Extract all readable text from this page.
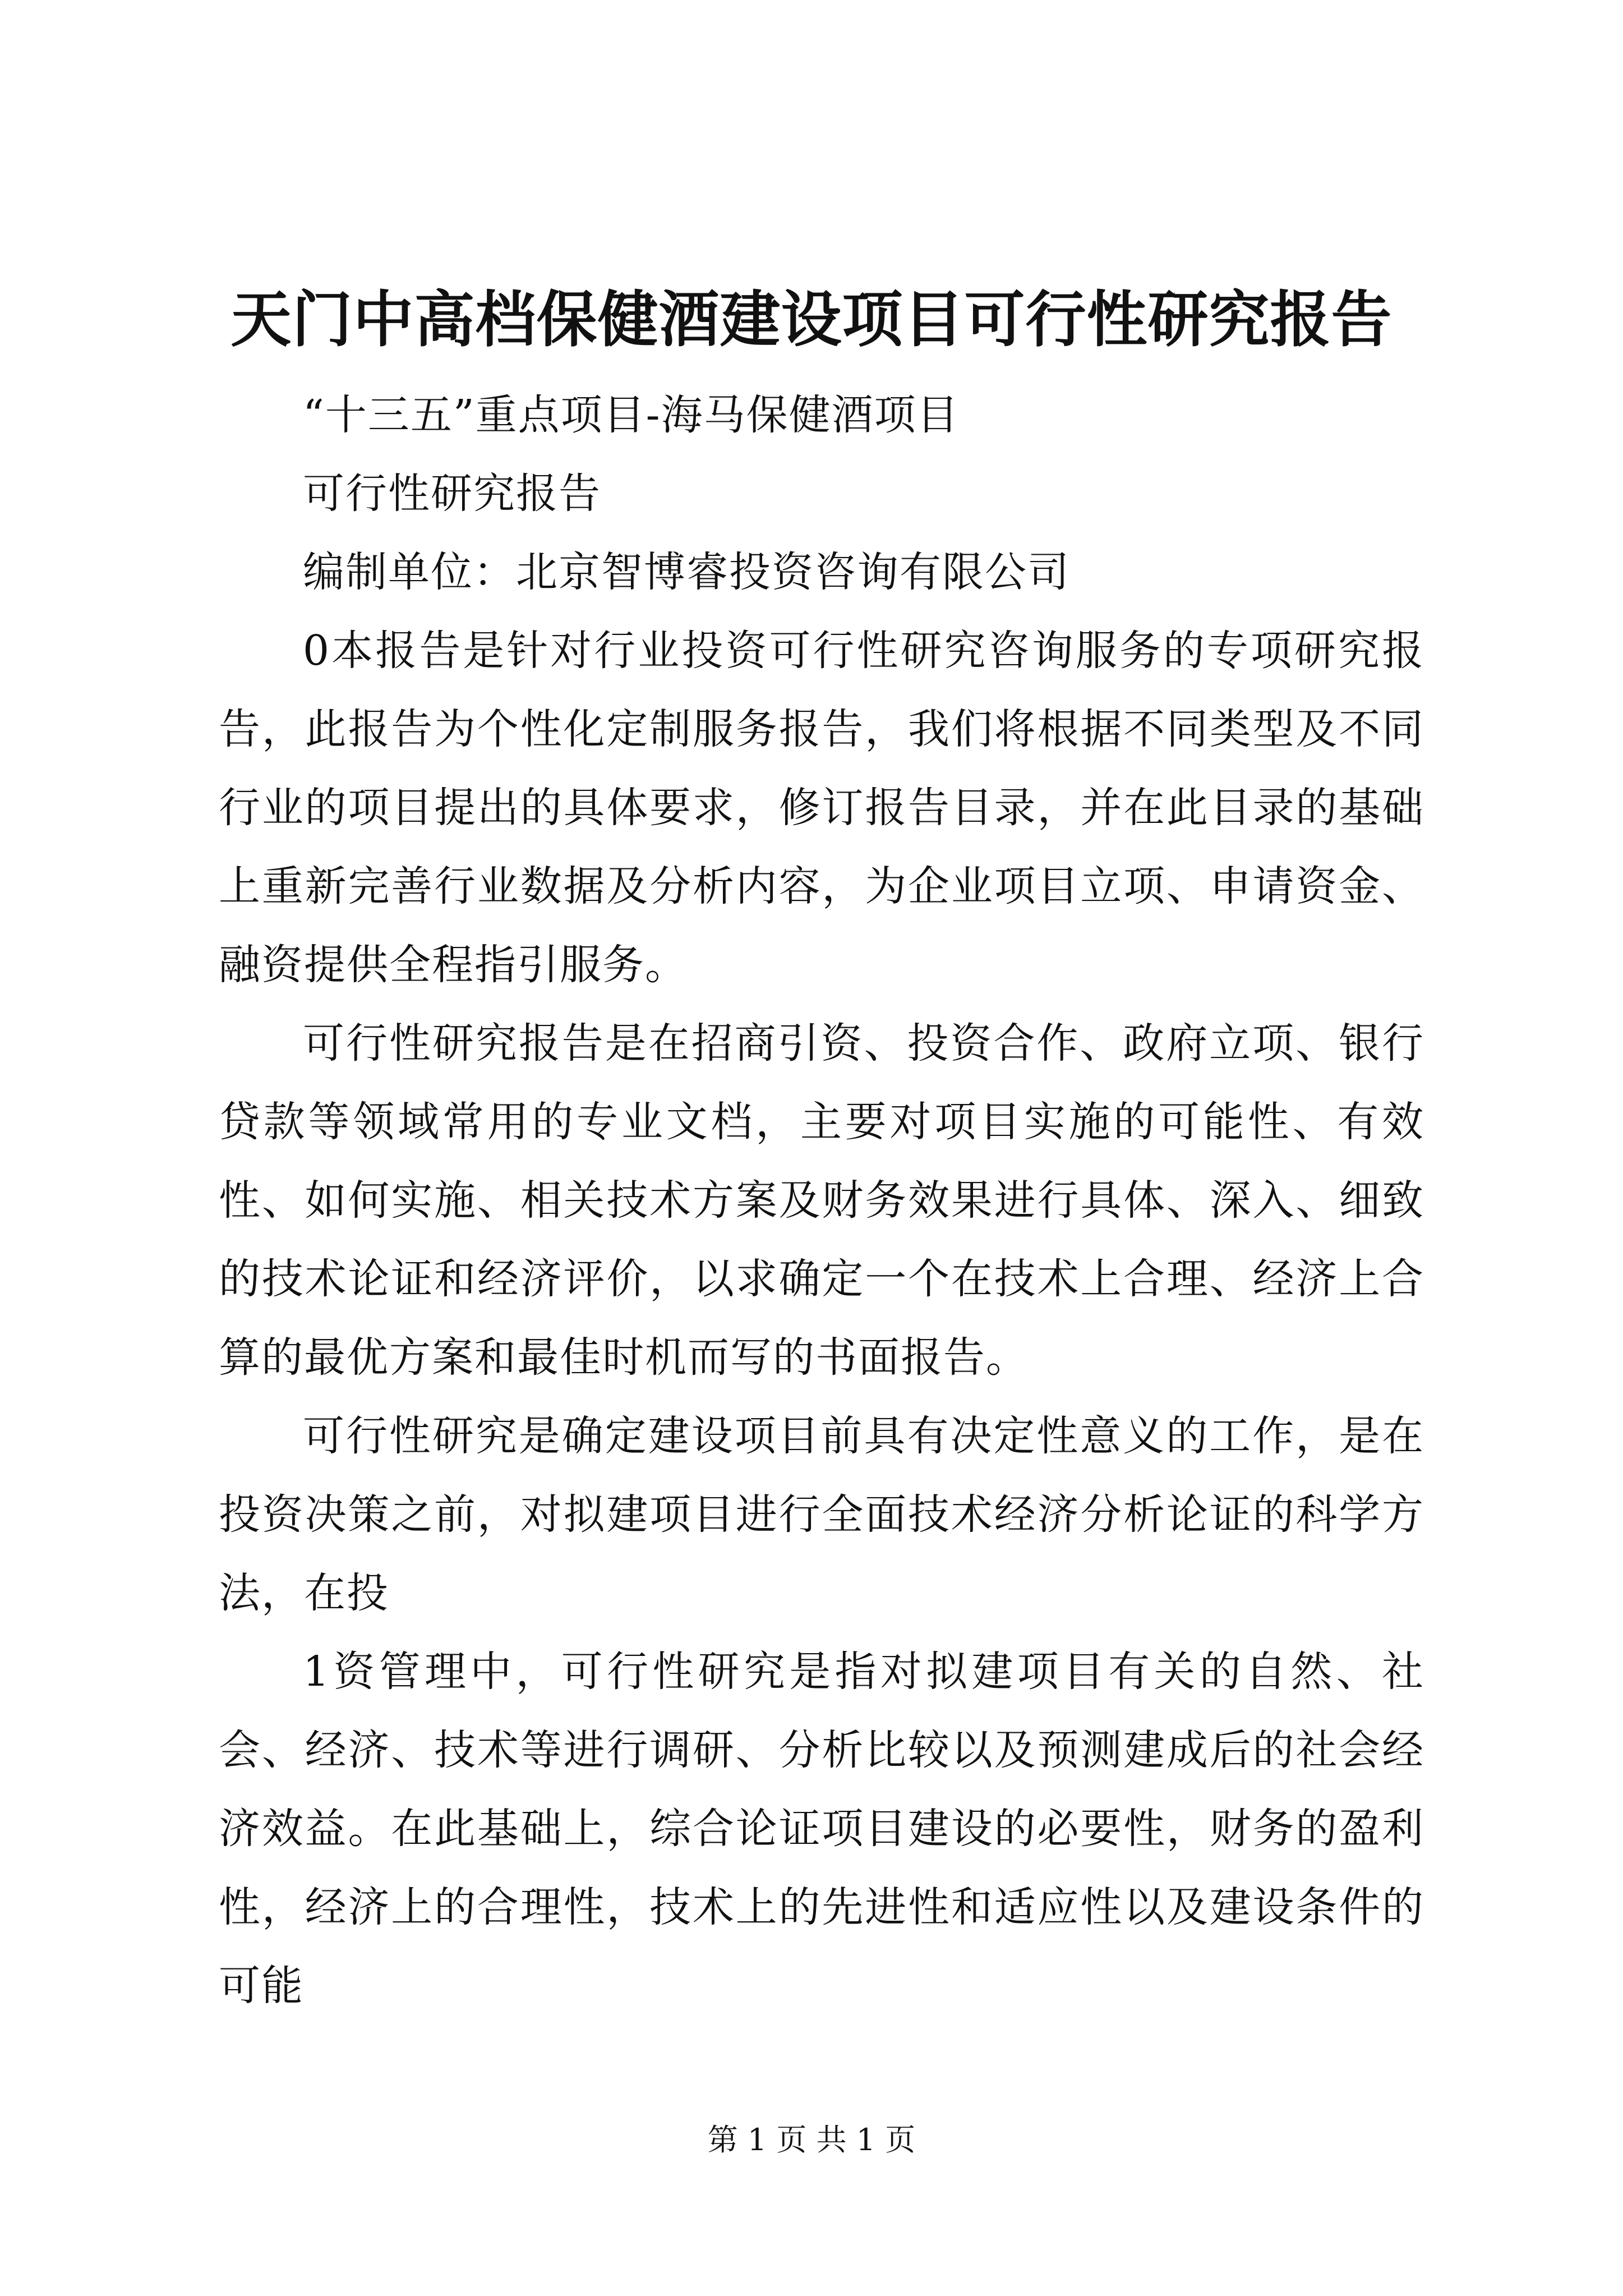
天门中高档保健酒建设项目可行性研究报告

“十三五”重点项目-海马保健酒项目

可行性研究报告

编制单位：北京智博睿投资咨询有限公司

0本报告是针对行业投资可行性研究咨询服务的专项研究报告，此报告为个性化定制服务报告，我们将根据不同类型及不同行业的项目提出的具体要求，修订报告目录，并在此目录的基础上重新完善行业数据及分析内容，为企业项目立项、申请资金、融资提供全程指引服务。

可行性研究报告是在招商引资、投资合作、政府立项、银行贷款等领域常用的专业文档，主要对项目实施的可能性、有效性、如何实施、相关技术方案及财务效果进行具体、深入、细致的技术论证和经济评价，以求确定一个在技术上合理、经济上合算的最优方案和最佳时机而写的书面报告。

可行性研究是确定建设项目前具有决定性意义的工作，是在投资决策之前，对拟建项目进行全面技术经济分析论证的科学方法，在投

1资管理中，可行性研究是指对拟建项目有关的自然、社会、经济、技术等进行调研、分析比较以及预测建成后的社会经济效益。在此基础上，综合论证项目建设的必要性，财务的盈利性，经济上的合理性，技术上的先进性和适应性以及建设条件的可能

第 1 页 共 1 页
